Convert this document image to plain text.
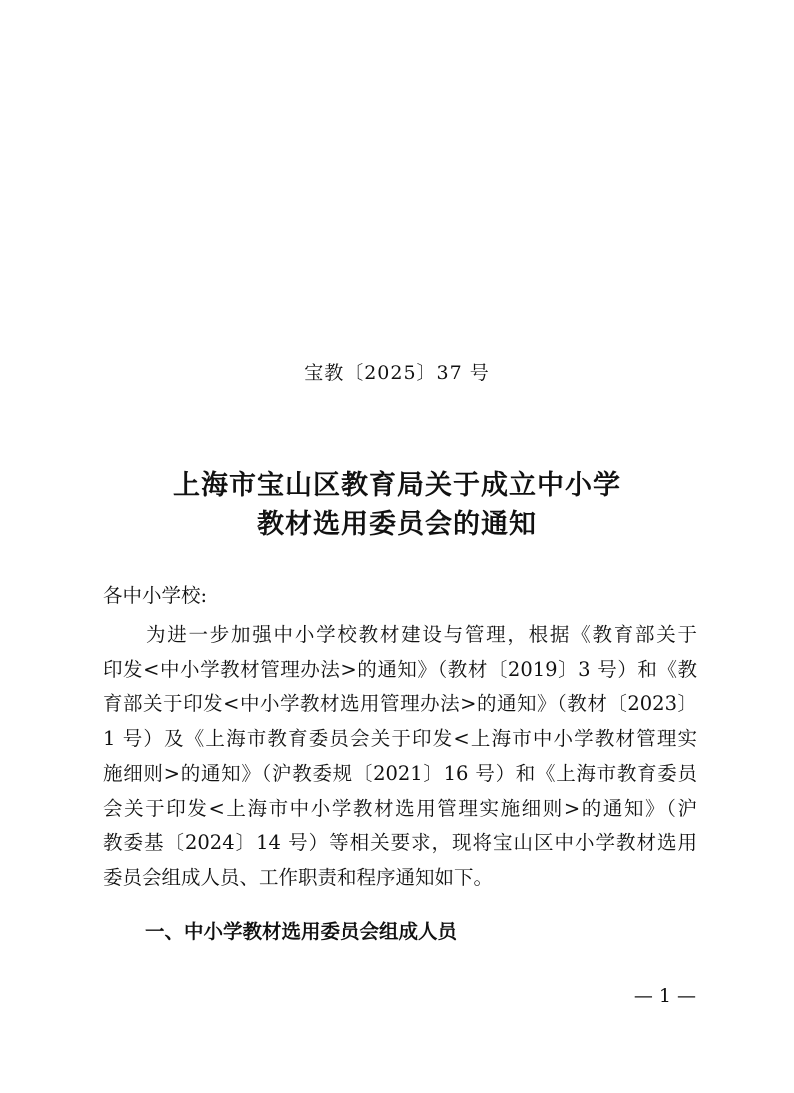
宝教〔2025〕37 号
上海市宝山区教育局关于成立中小学
教材选用委员会的通知
各中小学校:
为进一步加强中小学校教材建设与管理，根据《教育部关于
印发<中小学教材管理办法>的通知》（教材〔2019〕3 号）和《教
育部关于印发<中小学教材选用管理办法>的通知》（教材〔2023〕
1 号）及《上海市教育委员会关于印发<上海市中小学教材管理实
施细则>的通知》（沪教委规〔2021〕16 号）和《上海市教育委员
会关于印发<上海市中小学教材选用管理实施细则>的通知》（沪
教委基〔2024〕14 号）等相关要求，现将宝山区中小学教材选用
委员会组成人员、工作职责和程序通知如下。
一、中小学教材选用委员会组成人员
— 1 —
